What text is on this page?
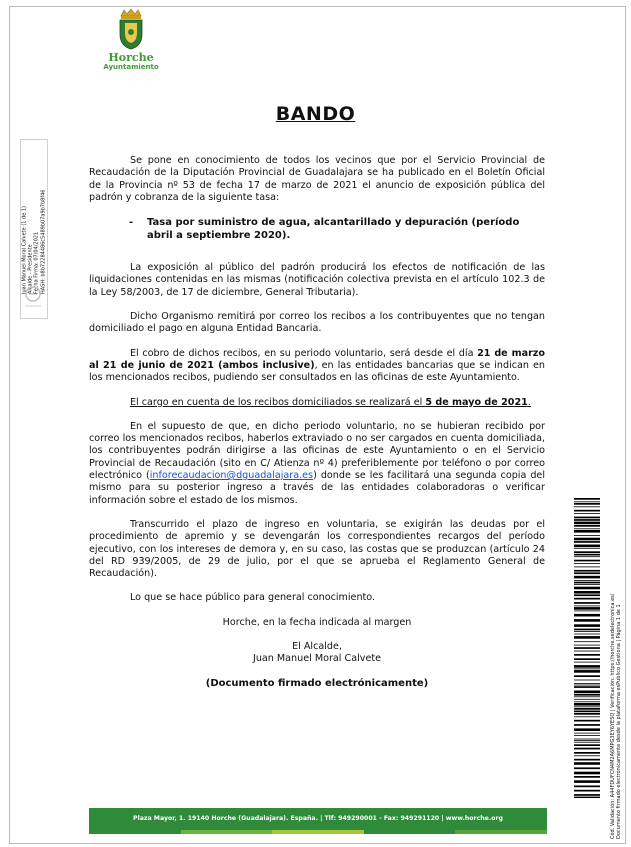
Horche
Ayuntamiento
Juan Manuel Moral Calvete (1 de 1) Alcalde - Presidente Fecha Firma: 07/04/2021 HASH: b8b72284486c5489b07a9b7b8f46
BANDO

Se pone en conocimiento de todos los vecinos que por el Servicio Provincial de Recaudación de la Diputación Provincial de Guadalajara se ha publicado en el Boletín Oficial de la Provincia nº 53 de fecha 17 de marzo de 2021 el anuncio de exposición pública del padrón y cobranza de la siguiente tasa:

- Tasa por suministro de agua, alcantarillado y depuración (período abril a septiembre 2020).

La exposición al público del padrón producirá los efectos de notificación de las liquidaciones contenidas en las mismas (notificación colectiva prevista en el artículo 102.3 de la Ley 58/2003, de 17 de diciembre, General Tributaria).

Dicho Organismo remitirá por correo los recibos a los contribuyentes que no tengan domiciliado el pago en alguna Entidad Bancaria.

El cobro de dichos recibos, en su periodo voluntario, será desde el día 21 de marzo al 21 de junio de 2021 (ambos inclusive), en las entidades bancarias que se indican en los mencionados recibos, pudiendo ser consultados en las oficinas de este Ayuntamiento.

El cargo en cuenta de los recibos domiciliados se realizará el 5 de mayo de 2021.

En el supuesto de que, en dicho periodo voluntario, no se hubieran recibido por correo los mencionados recibos, haberlos extraviado o no ser cargados en cuenta domiciliada, los contribuyentes podrán dirigirse a las oficinas de este Ayuntamiento o en el Servicio Provincial de Recaudación (sito en C/ Atienza nº 4) preferiblemente por teléfono o por correo electrónico (inforecaudacion@dguadalajara.es) donde se les facilitará una segunda copia del mismo para su posterior ingreso a través de las entidades colaboradoras o verificar información sobre el estado de los mismos.

Transcurrido el plazo de ingreso en voluntaria, se exigirán las deudas por el procedimiento de apremio y se devengarán los correspondientes recargos del período ejecutivo, con los intereses de demora y, en su caso, las costas que se produzcan (artículo 24 del RD 939/2005, de 29 de julio, por el que se aprueba el Reglamento General de Recaudación).

Lo que se hace público para general conocimiento.

Horche, en la fecha indicada al margen

El Alcalde,

Juan Manuel Moral Calvete

(Documento firmado electrónicamente)	Cód. Validación: A44FDUFCN4M2A6MPG3EY6YE5Q | Verificación: https://horche.sedelectronica.es/ Documento firmado electrónicamente desde la plataforma esPublico Gestiona | Página 1 de 1
Plaza Mayor, 1. 19140 Horche (Guadalajara). España. | Tlf: 949290001 - Fax: 949291120 | www.horche.org
